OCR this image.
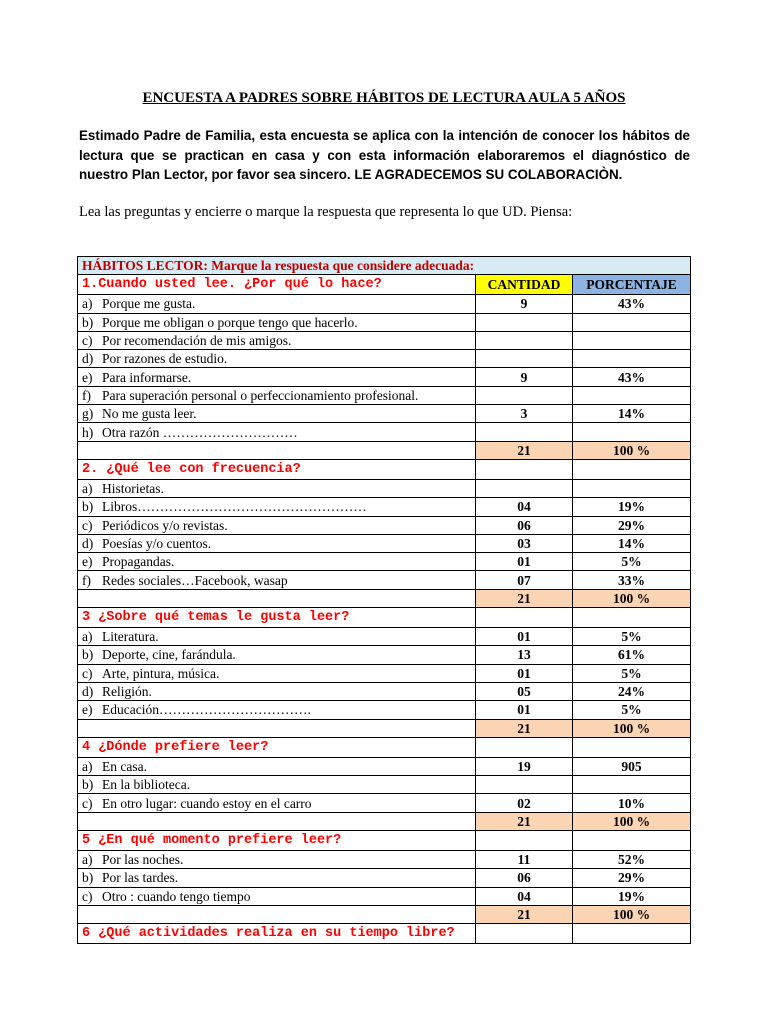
ENCUESTA A PADRES SOBRE HÁBITOS DE LECTURA AULA 5 AÑOS
Estimado Padre de Familia, esta encuesta se aplica con la intención de conocer los hábitos de lectura que se practican en casa y con esta información elaboraremos el diagnóstico de nuestro Plan Lector, por favor sea sincero. LE AGRADECEMOS SU COLABORACIÒN.
Lea las preguntas y encierre o marque la respuesta que representa lo que UD. Piensa:
HÁBITOS LECTOR: Marque la respuesta que considere adecuada:		
1.Cuando usted lee. ¿Por qué lo hace?	CANTIDAD	PORCENTAJE
a) Porque me gusta.	9	43%
b) Porque me obligan o porque tengo que hacerlo.		
c) Por recomendación de mis amigos.		
d) Por razones de estudio.		
e) Para informarse.	9	43%
f) Para superación personal o perfeccionamiento profesional.		
g) No me gusta leer.	3	14%
h) Otra razón …………………………		
	21	100 %
2. ¿Qué lee con frecuencia?		
a) Historietas.		
b) Libros……………………………………………	04	19%
c) Periódicos y/o revistas.	06	29%
d) Poesías y/o cuentos.	03	14%
e) Propagandas.	01	5%
f) Redes sociales…Facebook, wasap	07	33%
	21	100 %
3 ¿Sobre qué temas le gusta leer?		
a) Literatura.	01	5%
b) Deporte, cine, farándula.	13	61%
c) Arte, pintura, música.	01	5%
d) Religión.	05	24%
e) Educación…………………………….	01	5%
	21	100 %
4 ¿Dónde prefiere leer?		
a) En casa.	19	905
b) En la biblioteca.		
c) En otro lugar: cuando estoy en el carro	02	10%
	21	100 %
5 ¿En qué momento prefiere leer?		
a) Por las noches.	11	52%
b) Por las tardes.	06	29%
c) Otro : cuando tengo tiempo	04	19%
	21	100 %
6 ¿Qué actividades realiza en su tiempo libre?		
